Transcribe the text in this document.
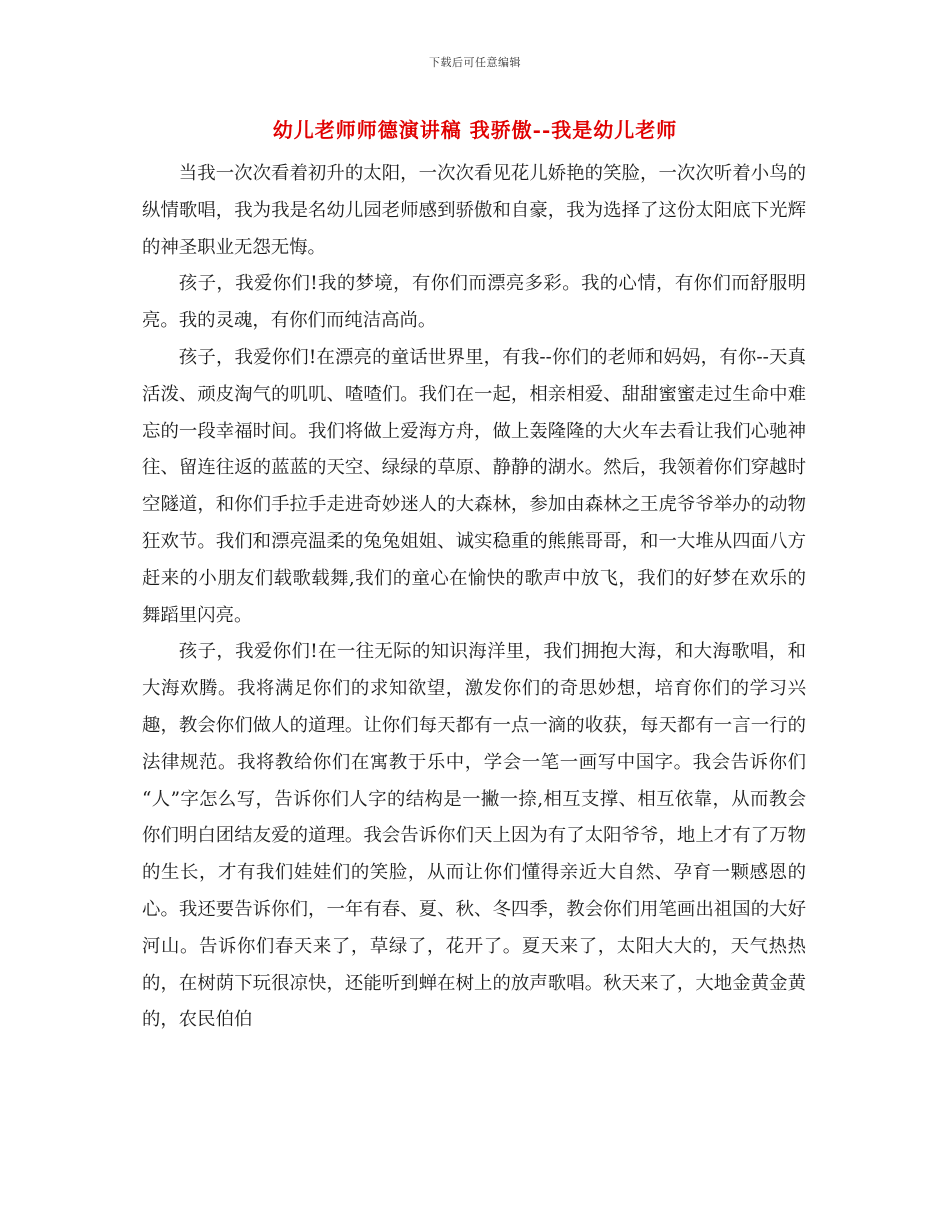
下载后可任意编辑
幼儿老师师德演讲稿 我骄傲--我是幼儿老师

当我一次次看着初升的太阳，一次次看见花儿娇艳的笑脸，一次次听着小鸟的纵情歌唱，我为我是名幼儿园老师感到骄傲和自豪，我为选择了这份太阳底下光辉的神圣职业无怨无悔。

孩子，我爱你们!我的梦境，有你们而漂亮多彩。我的心情，有你们而舒服明亮。我的灵魂，有你们而纯洁高尚。

孩子，我爱你们!在漂亮的童话世界里，有我--你们的老师和妈妈，有你--天真活泼、顽皮淘气的叽叽、喳喳们。我们在一起，相亲相爱、甜甜蜜蜜走过生命中难忘的一段幸福时间。我们将做上爱海方舟，做上轰隆隆的大火车去看让我们心驰神往、留连往返的蓝蓝的天空、绿绿的草原、静静的湖水。然后，我领着你们穿越时空隧道，和你们手拉手走进奇妙迷人的大森林，参加由森林之王虎爷爷举办的动物狂欢节。我们和漂亮温柔的兔兔姐姐、诚实稳重的熊熊哥哥，和一大堆从四面八方赶来的小朋友们载歌载舞,我们的童心在愉快的歌声中放飞，我们的好梦在欢乐的舞蹈里闪亮。

孩子，我爱你们!在一往无际的知识海洋里，我们拥抱大海，和大海歌唱，和大海欢腾。我将满足你们的求知欲望，激发你们的奇思妙想，培育你们的学习兴趣，教会你们做人的道理。让你们每天都有一点一滴的收获，每天都有一言一行的法律规范。我将教给你们在寓教于乐中，学会一笔一画写中国字。我会告诉你们 “人”字怎么写，告诉你们人字的结构是一撇一捺,相互支撑、相互依靠，从而教会你们明白团结友爱的道理。我会告诉你们天上因为有了太阳爷爷，地上才有了万物的生长，才有我们娃娃们的笑脸，从而让你们懂得亲近大自然、孕育一颗感恩的心。我还要告诉你们，一年有春、夏、秋、冬四季，教会你们用笔画出祖国的大好河山。告诉你们春天来了，草绿了，花开了。夏天来了，太阳大大的，天气热热的，在树荫下玩很凉快，还能听到蝉在树上的放声歌唱。秋天来了，大地金黄金黄的，农民伯伯
